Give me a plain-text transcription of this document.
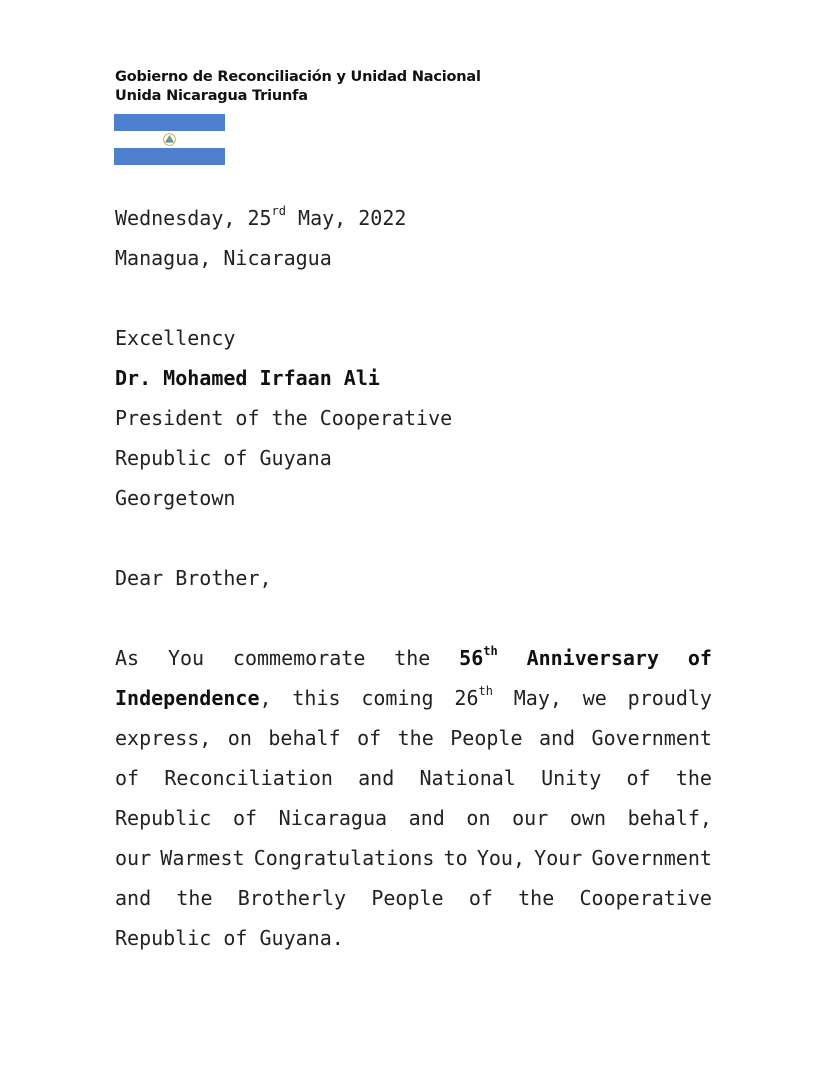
Gobierno de Reconciliación y Unidad Nacional
Unida Nicaragua Triunfa
Wednesday, 25rd May, 2022
Managua, Nicaragua
Excellency
Dr. Mohamed Irfaan Ali
President of the Cooperative
Republic of Guyana
Georgetown
Dear Brother,
As You commemorate the 56th Anniversary of
Independence, this coming 26th May, we proudly
express, on behalf of the People and Government
of Reconciliation and National Unity of the
Republic of Nicaragua and on our own behalf,
our Warmest Congratulations to You, Your Government
and the Brotherly People of the Cooperative
Republic of Guyana.
